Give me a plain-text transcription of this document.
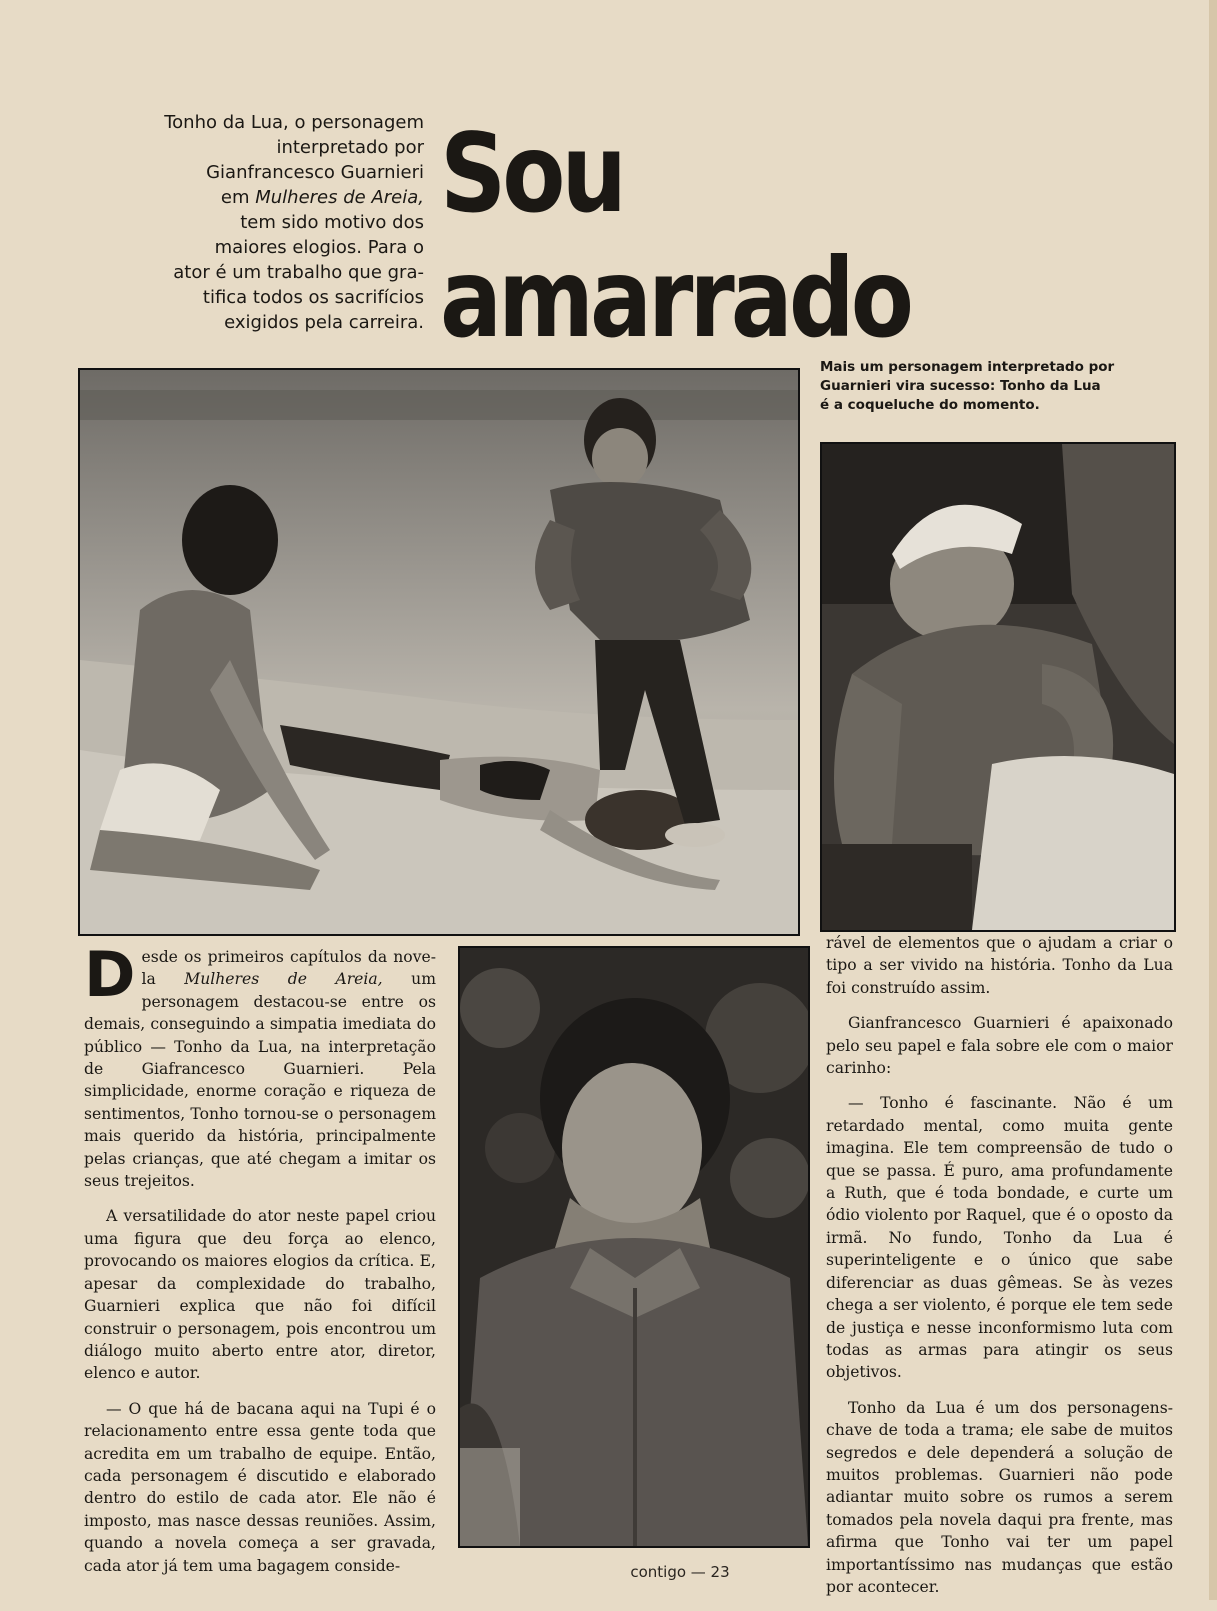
Tonho da Lua, o personagem
interpretado por
Gianfrancesco Guarnieri
em Mulheres de Areia,
tem sido motivo dos
maiores elogios. Para o
ator é um trabalho que gra-
tifica todos os sacrifícios
exigidos pela carreira.
Sou amarrado
Mais um personagem interpretado por
Guarnieri vira sucesso: Tonho da Lua
é a coqueluche do momento.

Desde os primeiros capítulos da nove-la Mulheres de Areia, um personagem destacou-se entre os demais, conseguindo a simpatia imediata do público — Tonho da Lua, na interpretação de Giafrancesco Guarnieri. Pela simplicidade, enorme coração e riqueza de sentimentos, Tonho tornou-se o personagem mais querido da história, principalmente pelas crianças, que até chegam a imitar os seus trejeitos.

A versatilidade do ator neste papel criou uma figura que deu força ao elenco, provocando os maiores elogios da crítica. E, apesar da complexidade do trabalho, Guarnieri explica que não foi difícil construir o personagem, pois encontrou um diálogo muito aberto entre ator, diretor, elenco e autor.

— O que há de bacana aqui na Tupi é o relacionamento entre essa gente toda que acredita em um trabalho de equipe. Então, cada personagem é discutido e elaborado dentro do estilo de cada ator. Ele não é imposto, mas nasce dessas reuniões. Assim, quando a novela começa a ser gravada, cada ator já tem uma bagagem conside-

rável de elementos que o ajudam a criar o tipo a ser vivido na história. Tonho da Lua foi construído assim.

Gianfrancesco Guarnieri é apaixonado pelo seu papel e fala sobre ele com o maior carinho:

— Tonho é fascinante. Não é um retardado mental, como muita gente imagina. Ele tem compreensão de tudo o que se passa. É puro, ama profundamente a Ruth, que é toda bondade, e curte um ódio violento por Raquel, que é o oposto da irmã. No fundo, Tonho da Lua é superinteligente e o único que sabe diferenciar as duas gêmeas. Se às vezes chega a ser violento, é porque ele tem sede de justiça e nesse inconformismo luta com todas as armas para atingir os seus objetivos.

Tonho da Lua é um dos personagens-chave de toda a trama; ele sabe de muitos segredos e dele dependerá a solução de muitos problemas. Guarnieri não pode adiantar muito sobre os rumos a serem tomados pela novela daqui pra frente, mas afirma que Tonho vai ter um papel importantíssimo nas mudanças que estão por acontecer.

contigo — 23
